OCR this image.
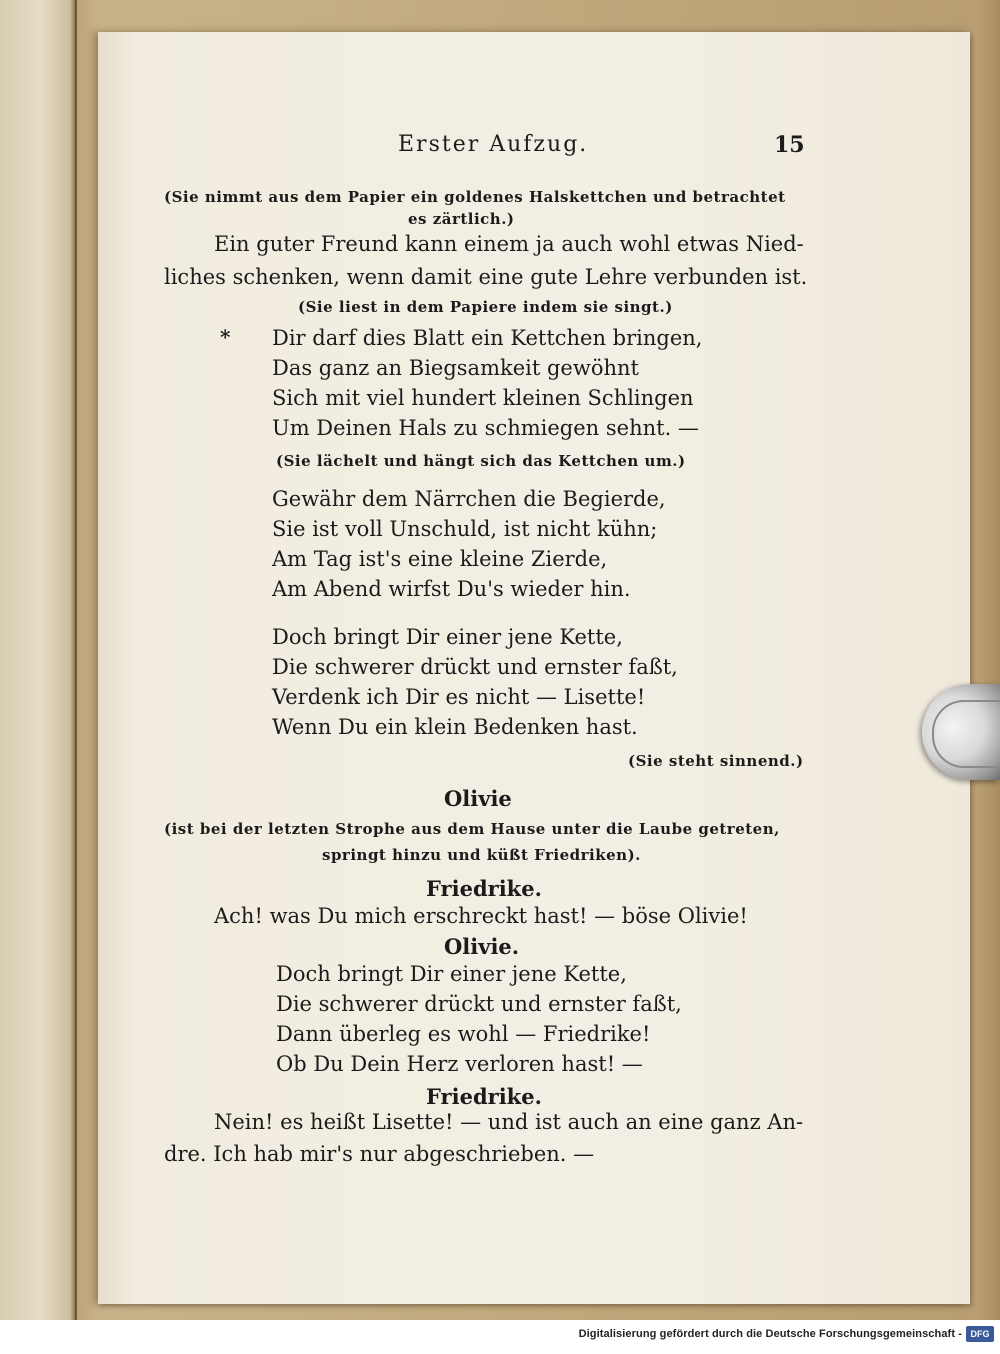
Erster Aufzug.	15
(Sie nimmt aus dem Papier ein goldenes Halskettchen und betrachtet
es zärtlich.)
Ein guter Freund kann einem ja auch wohl etwas Nied-
liches schenken, wenn damit eine gute Lehre verbunden ist.
(Sie liest in dem Papiere indem sie singt.)
* Dir darf dies Blatt ein Kettchen bringen,
Das ganz an Biegsamkeit gewöhnt
Sich mit viel hundert kleinen Schlingen
Um Deinen Hals zu schmiegen sehnt. —
(Sie lächelt und hängt sich das Kettchen um.)
Gewähr dem Närrchen die Begierde,
Sie ist voll Unschuld, ist nicht kühn;
Am Tag ist's eine kleine Zierde,
Am Abend wirfst Du's wieder hin.
Doch bringt Dir einer jene Kette,
Die schwerer drückt und ernster faßt,
Verdenk ich Dir es nicht — Lisette!
Wenn Du ein klein Bedenken hast.
(Sie steht sinnend.)
Olivie
(ist bei der letzten Strophe aus dem Hause unter die Laube getreten,
springt hinzu und küßt Friedriken).
Friedrike.
Ach! was Du mich erschreckt hast! — böse Olivie!
Olivie.
Doch bringt Dir einer jene Kette,
Die schwerer drückt und ernster faßt,
Dann überleg es wohl — Friedrike!
Ob Du Dein Herz verloren hast! —
Friedrike.
Nein! es heißt Lisette! — und ist auch an eine ganz An-
dre. Ich hab mir's nur abgeschrieben. —
Digitalisierung gefördert durch die Deutsche Forschungsgemeinschaft - DFG
